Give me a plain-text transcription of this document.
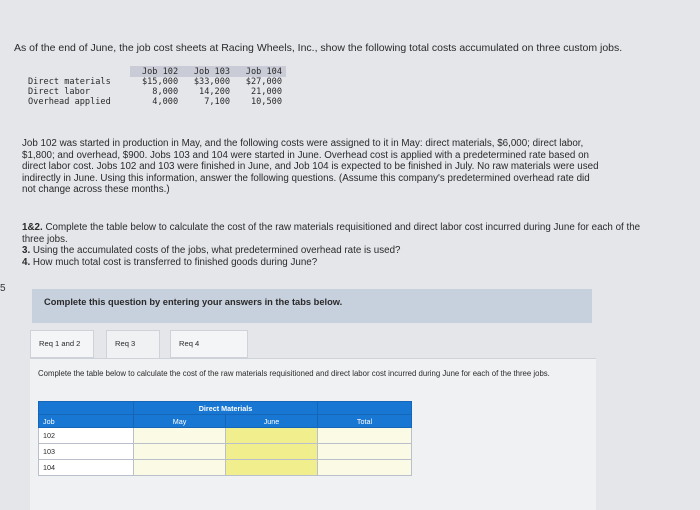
As of the end of June, the job cost sheets at Racing Wheels, Inc., show the following total costs accumulated on three custom jobs.
	Job 102	Job 103	Job 104
Direct materials	$15,000	$33,000	$27,000
Direct labor	8,000	14,200	21,000
Overhead applied	4,000	7,100	10,500
Job 102 was started in production in May, and the following costs were assigned to it in May: direct materials, $6,000; direct labor,
$1,800; and overhead, $900. Jobs 103 and 104 were started in June. Overhead cost is applied with a predetermined rate based on
direct labor cost. Jobs 102 and 103 were finished in June, and Job 104 is expected to be finished in July. No raw materials were used
indirectly in June. Using this information, answer the following questions. (Assume this company's predetermined overhead rate did
not change across these months.)
1&2. Complete the table below to calculate the cost of the raw materials requisitioned and direct labor cost incurred during June for each of the three jobs.
3. Using the accumulated costs of the jobs, what predetermined overhead rate is used?
4. How much total cost is transferred to finished goods during June?
5
Complete this question by entering your answers in the tabs below.
Req 1 and 2	Req 3	Req 4
Complete the table below to calculate the cost of the raw materials requisitioned and direct labor cost incurred during June for each of the three jobs.
	Direct Materials		
Job	May	June	Total
102			
103			
104			
